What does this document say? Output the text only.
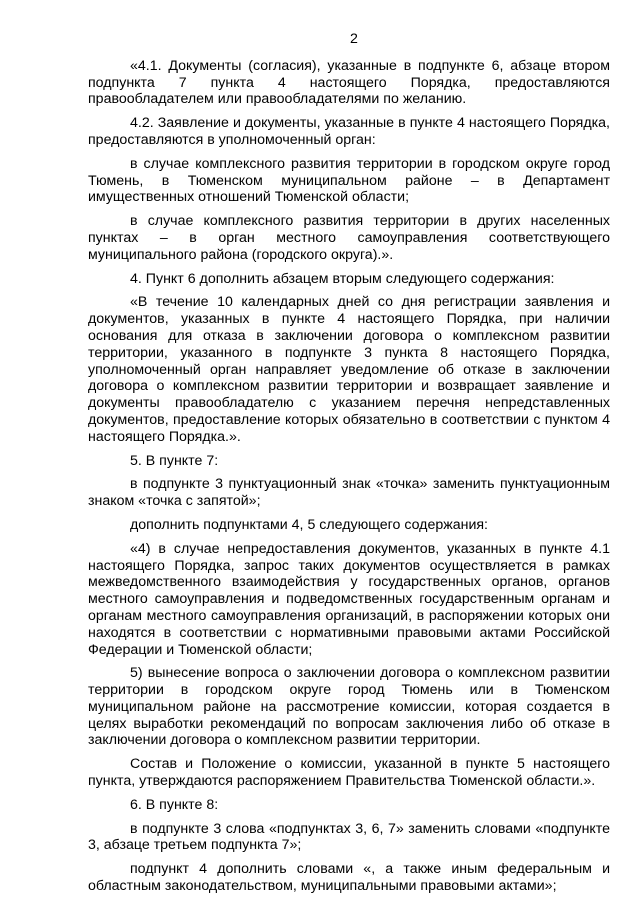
2

«4.1. Документы (согласия), указанные в подпункте 6, абзаце втором подпункта 7 пункта 4 настоящего Порядка, предоставляются правообладателем или правообладателями по желанию.

4.2. Заявление и документы, указанные в пункте 4 настоящего Порядка, предоставляются в уполномоченный орган:

в случае комплексного развития территории в городском округе город Тюмень, в Тюменском муниципальном районе – в Департамент имущественных отношений Тюменской области;

в случае комплексного развития территории в других населенных пунктах – в орган местного самоуправления соответствующего муниципального района (городского округа).».

4. Пункт 6 дополнить абзацем вторым следующего содержания:

«В течение 10 календарных дней со дня регистрации заявления и документов, указанных в пункте 4 настоящего Порядка, при наличии основания для отказа в заключении договора о комплексном развитии территории, указанного в подпункте 3 пункта 8 настоящего Порядка, уполномоченный орган направляет уведомление об отказе в заключении договора о комплексном развитии территории и возвращает заявление и документы правообладателю с указанием перечня непредставленных документов, предоставление которых обязательно в соответствии с пунктом 4 настоящего Порядка.».

5. В пункте 7:

в подпункте 3 пунктуационный знак «точка» заменить пунктуационным знаком «точка с запятой»;

дополнить подпунктами 4, 5 следующего содержания:

«4) в случае непредоставления документов, указанных в пункте 4.1 настоящего Порядка, запрос таких документов осуществляется в рамках межведомственного взаимодействия у государственных органов, органов местного самоуправления и подведомственных государственным органам и органам местного самоуправления организаций, в распоряжении которых они находятся в соответствии с нормативными правовыми актами Российской Федерации и Тюменской области;

5) вынесение вопроса о заключении договора о комплексном развитии территории в городском округе город Тюмень или в Тюменском муниципальном районе на рассмотрение комиссии, которая создается в целях выработки рекомендаций по вопросам заключения либо об отказе в заключении договора о комплексном развитии территории.

Состав и Положение о комиссии, указанной в пункте 5 настоящего пункта, утверждаются распоряжением Правительства Тюменской области.».

6. В пункте 8:

в подпункте 3 слова «подпунктах 3, 6, 7» заменить словами «подпункте 3, абзаце третьем подпункта 7»;

подпункт 4 дополнить словами «, а также иным федеральным и областным законодательством, муниципальными правовыми актами»;
